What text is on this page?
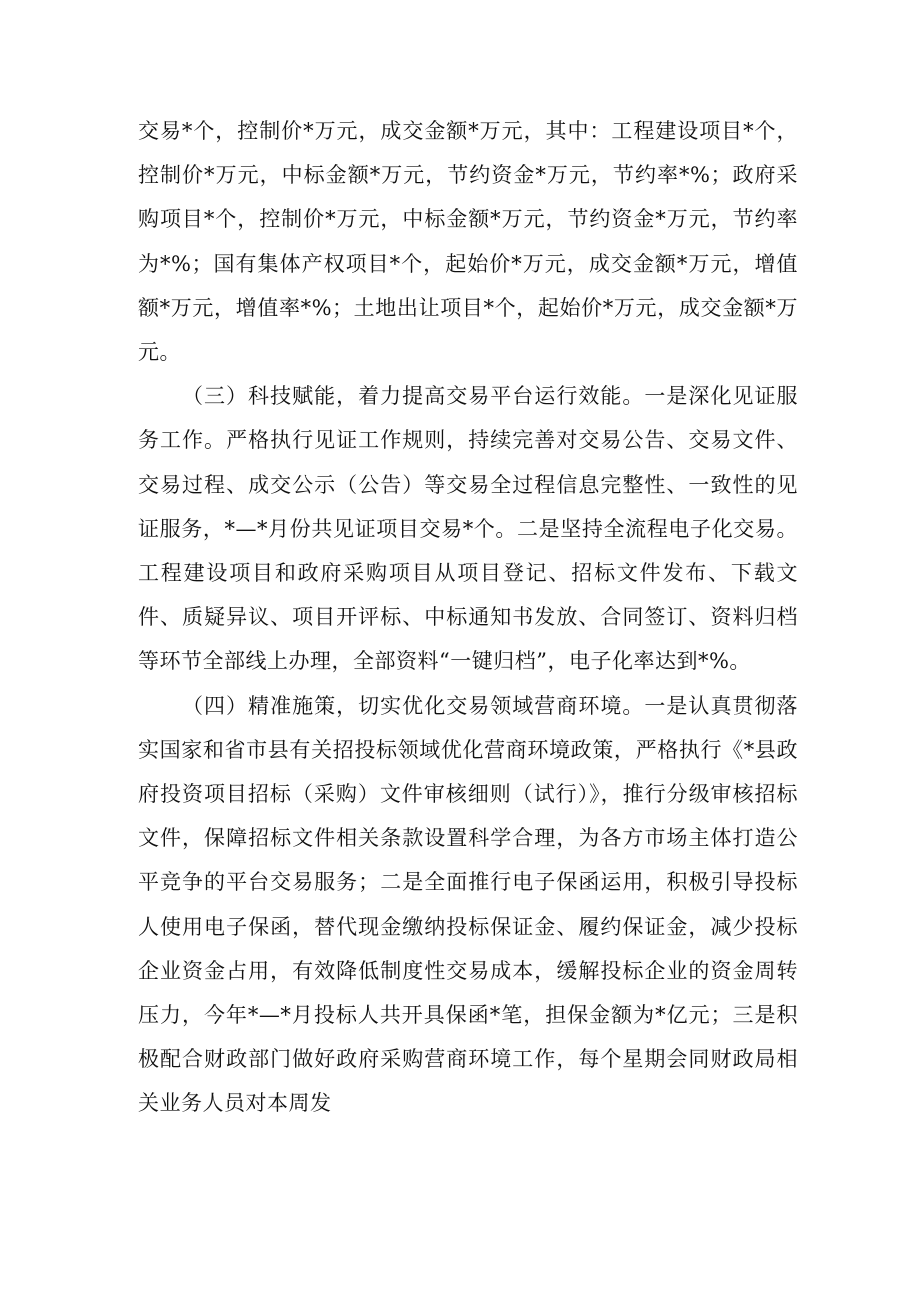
交易*个，控制价*万元，成交金额*万元，其中：工程建设项目*个，控制价*万元，中标金额*万元，节约资金*万元，节约率*%；政府采购项目*个，控制价*万元，中标金额*万元，节约资金*万元，节约率为*%；国有集体产权项目*个，起始价*万元，成交金额*万元，增值额*万元，增值率*%；土地出让项目*个，起始价*万元，成交金额*万元。

（三）科技赋能，着力提高交易平台运行效能。一是深化见证服务工作。严格执行见证工作规则，持续完善对交易公告、交易文件、交易过程、成交公示（公告）等交易全过程信息完整性、一致性的见证服务，*—*月份共见证项目交易*个。二是坚持全流程电子化交易。工程建设项目和政府采购项目从项目登记、招标文件发布、下载文件、质疑异议、项目开评标、中标通知书发放、合同签订、资料归档等环节全部线上办理，全部资料“一键归档”，电子化率达到*%。

（四）精准施策，切实优化交易领域营商环境。一是认真贯彻落实国家和省市县有关招投标领域优化营商环境政策，严格执行《*县政府投资项目招标（采购）文件审核细则（试行）》，推行分级审核招标文件，保障招标文件相关条款设置科学合理，为各方市场主体打造公平竞争的平台交易服务；二是全面推行电子保函运用，积极引导投标人使用电子保函，替代现金缴纳投标保证金、履约保证金，减少投标企业资金占用，有效降低制度性交易成本，缓解投标企业的资金周转压力，今年*—*月投标人共开具保函*笔，担保金额为*亿元；三是积极配合财政部门做好政府采购营商环境工作，每个星期会同财政局相关业务人员对本周发
